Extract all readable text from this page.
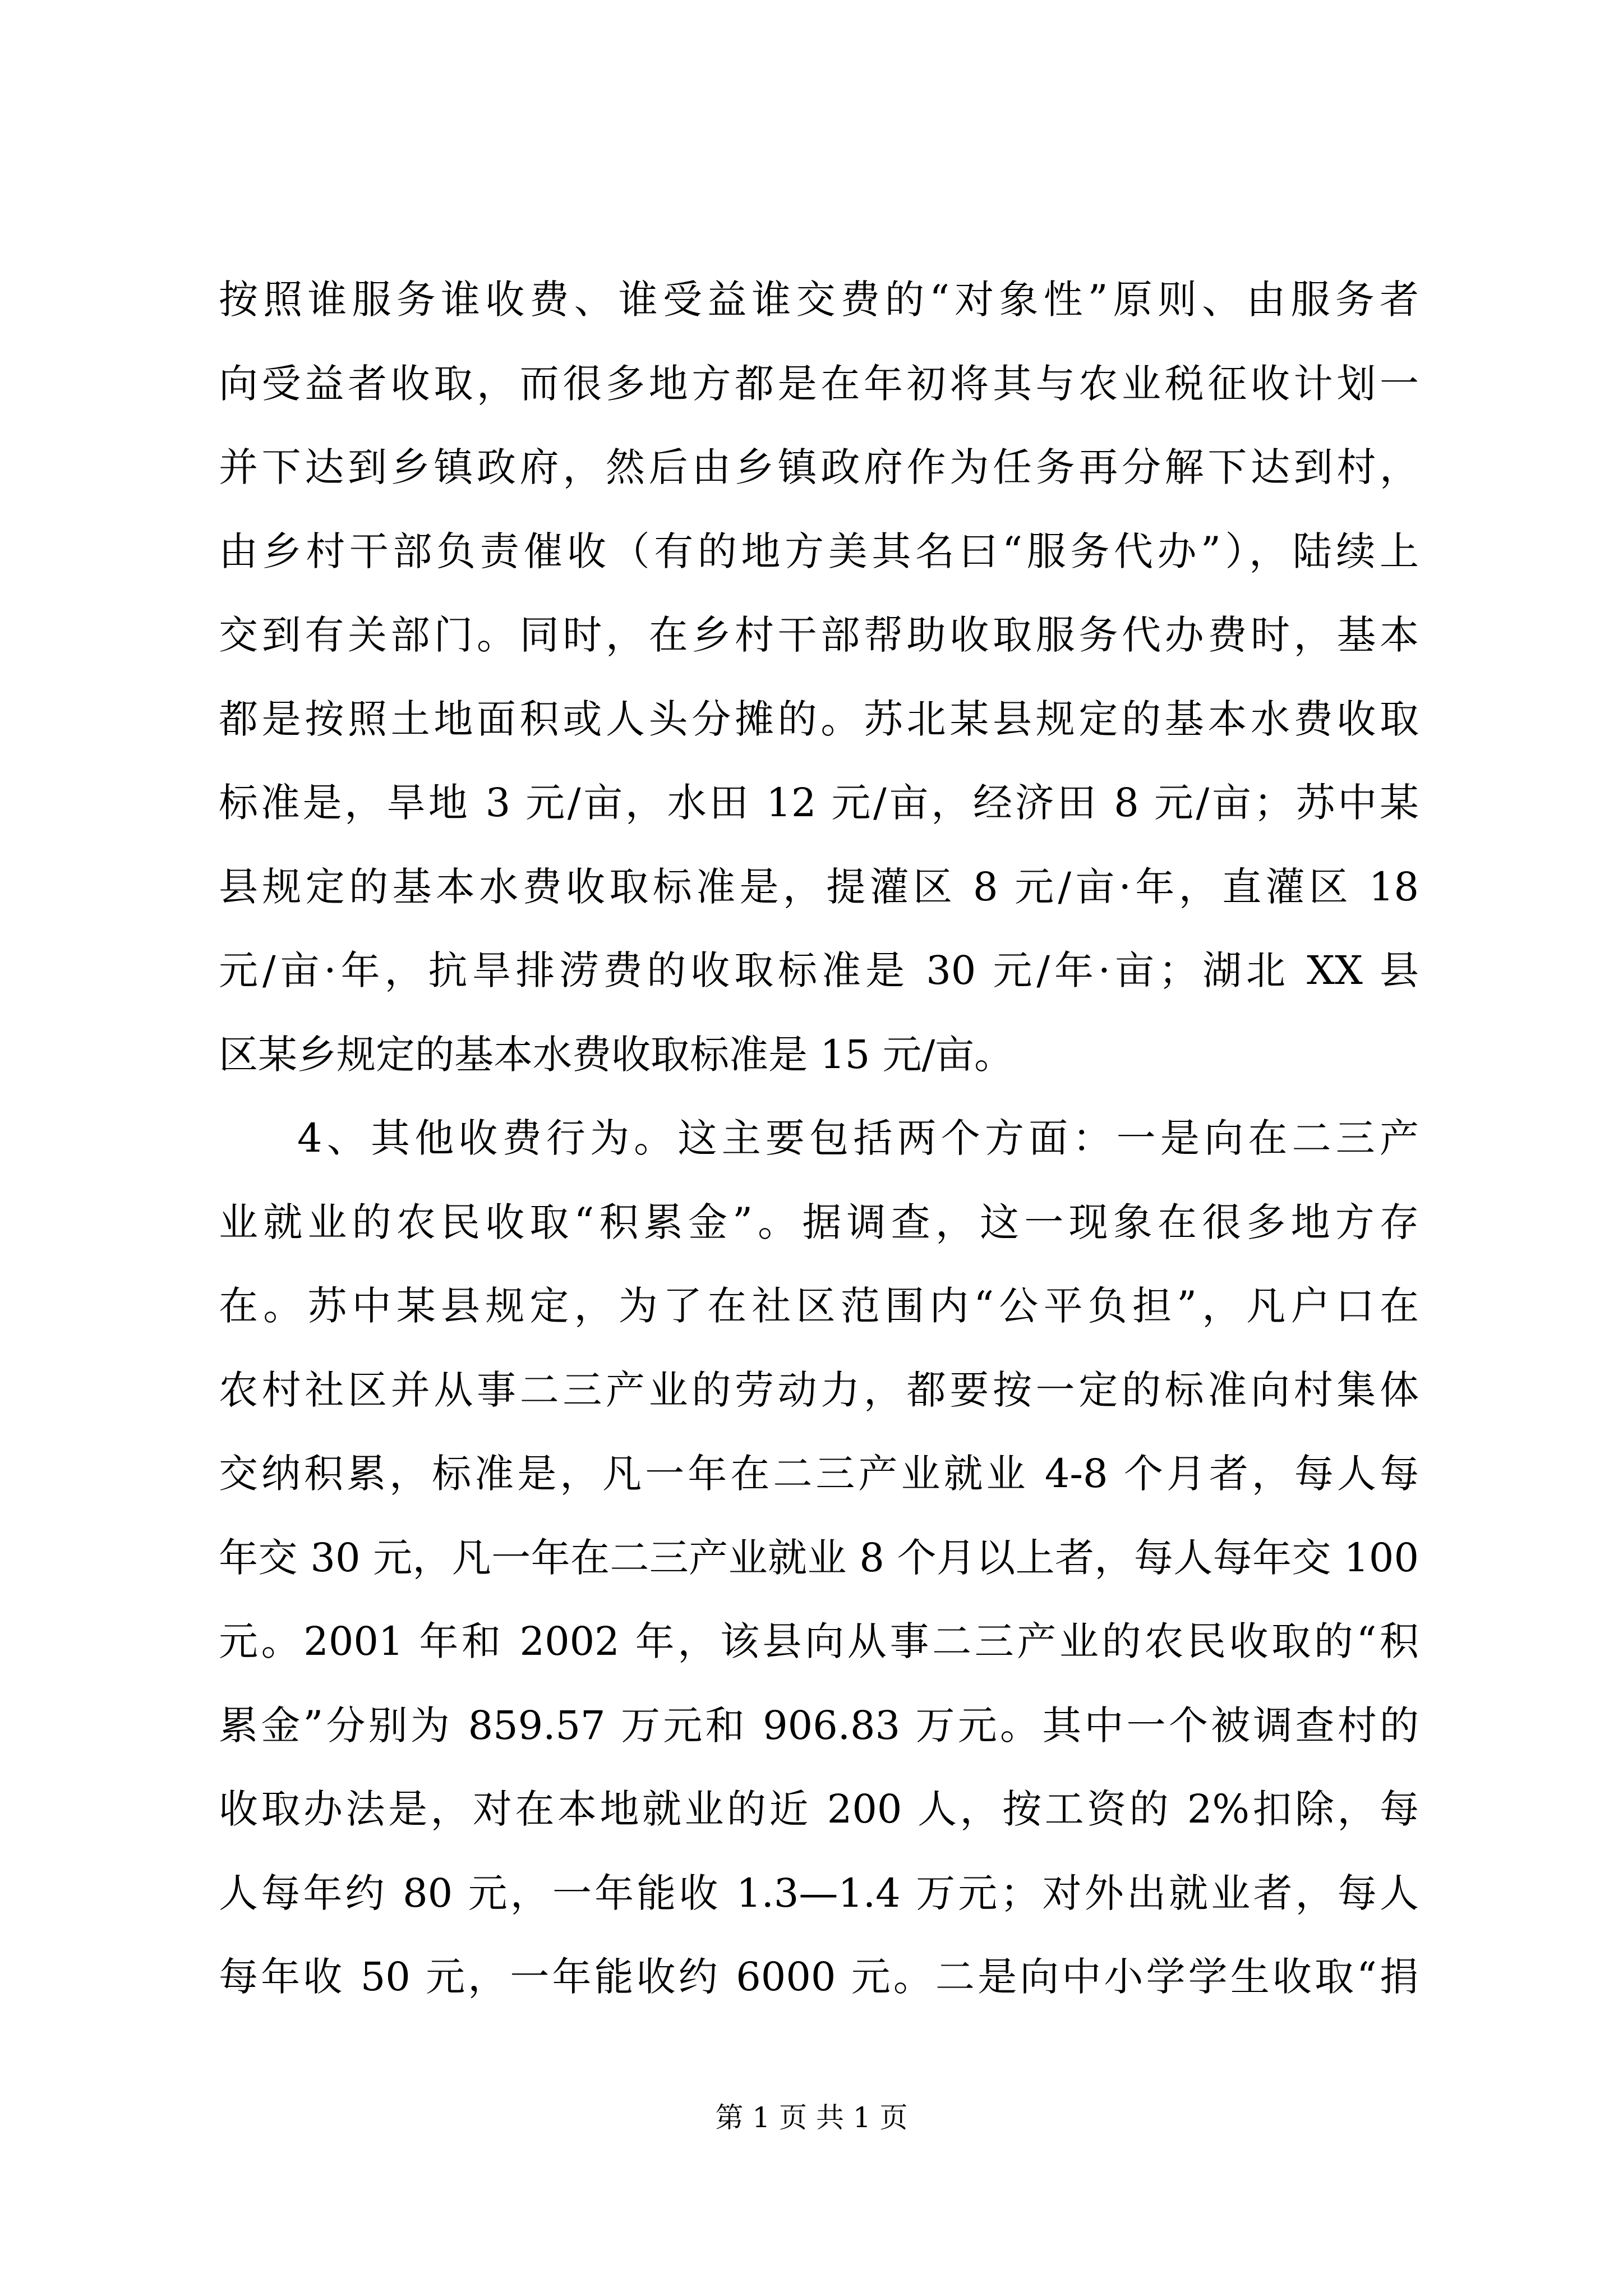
按照谁服务谁收费、谁受益谁交费的“对象性”原则、由服务者
向受益者收取，而很多地方都是在年初将其与农业税征收计划一
并下达到乡镇政府，然后由乡镇政府作为任务再分解下达到村，
由乡村干部负责催收（有的地方美其名曰“服务代办”），陆续上
交到有关部门。同时，在乡村干部帮助收取服务代办费时，基本
都是按照土地面积或人头分摊的。苏北某县规定的基本水费收取
标准是，旱地 3 元/亩，水田 12 元/亩，经济田 8 元/亩；苏中某
县规定的基本水费收取标准是，提灌区 8 元/亩·年，直灌区 18
元/亩·年，抗旱排涝费的收取标准是 30 元/年·亩；湖北 XX 县
区某乡规定的基本水费收取标准是 15 元/亩。
4、其他收费行为。这主要包括两个方面：一是向在二三产
业就业的农民收取“积累金”。据调查，这一现象在很多地方存
在。苏中某县规定，为了在社区范围内“公平负担”，凡户口在
农村社区并从事二三产业的劳动力，都要按一定的标准向村集体
交纳积累，标准是，凡一年在二三产业就业 4-8 个月者，每人每
年交 30 元，凡一年在二三产业就业 8 个月以上者，每人每年交 100
元。2001 年和 2002 年，该县向从事二三产业的农民收取的“积
累金”分别为 859.57 万元和 906.83 万元。其中一个被调查村的
收取办法是，对在本地就业的近 200 人，按工资的 2%扣除，每
人每年约 80 元，一年能收 1.3—1.4 万元；对外出就业者，每人
每年收 50 元，一年能收约 6000 元。二是向中小学学生收取“捐
第 1 页 共 1 页
